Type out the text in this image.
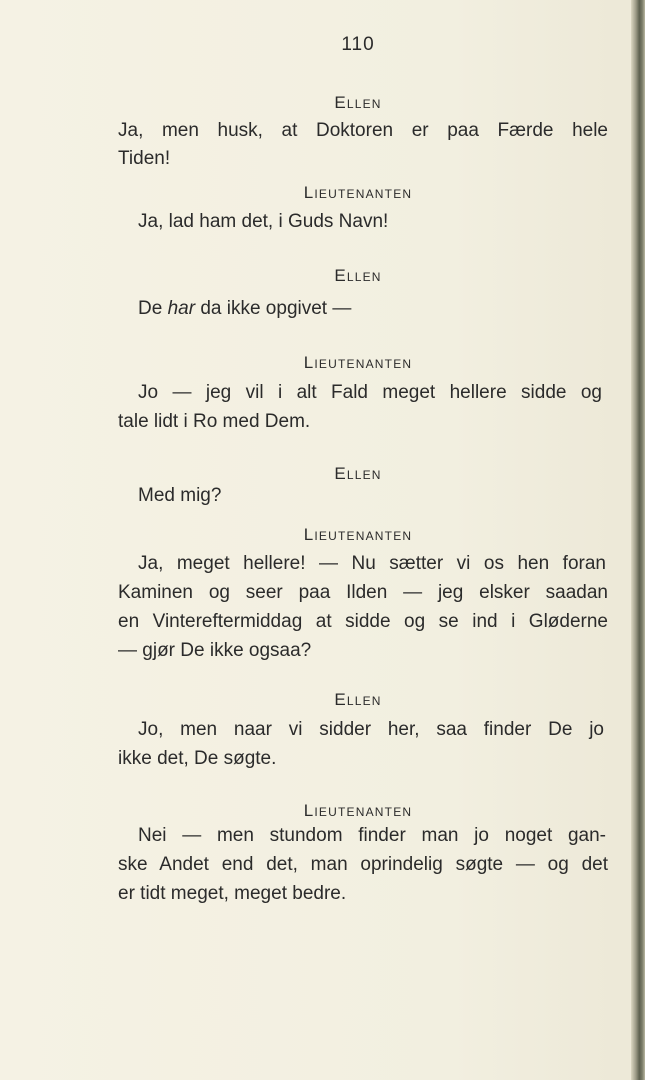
110
Ellen
Ja, men husk, at Doktoren er paa Færde hele
Tiden!
Lieutenanten
Ja, lad ham det, i Guds Navn!
Ellen
De har da ikke opgivet —
Lieutenanten
Jo — jeg vil i alt Fald meget hellere sidde og
tale lidt i Ro med Dem.
Ellen
Med mig?
Lieutenanten
Ja, meget hellere! — Nu sætter vi os hen foran
Kaminen og seer paa Ilden — jeg elsker saadan
en Vintereftermiddag at sidde og se ind i Gløderne
— gjør De ikke ogsaa?
Ellen
Jo, men naar vi sidder her, saa finder De jo
ikke det, De søgte.
Lieutenanten
Nei — men stundom finder man jo noget gan-
ske Andet end det, man oprindelig søgte — og det
er tidt meget, meget bedre.
